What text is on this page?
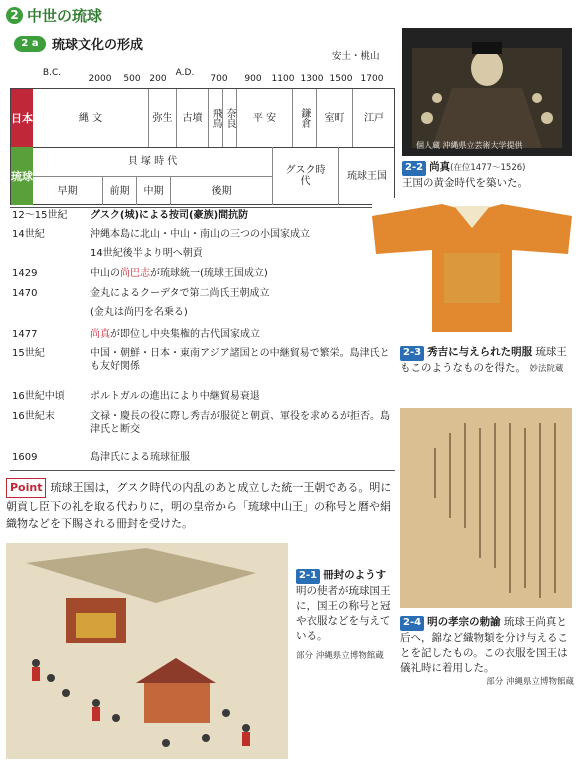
2 中世の琉球
2 a	琉球文化の形成
安土・桃山
B.C.	A.D.
2000 500 200	700 900 1100 1300 1500 1700
日本
琉球
縄 文	弥生	古墳 飛鳥 奈良	平 安	鎌倉	室町	江戸
貝 塚 時 代
グスク時 代	琉球王国
早期	前期	中期	後期
12～15世紀	グスク(城)による按司(豪族)間抗防
14世紀	沖縄本島に北山・中山・南山の三つの小国家成立
14世紀後半より明へ朝貢
1429	中山の尚巴志が琉球統一(琉球王国成立)
1470	金丸によるクーデタで第二尚氏王朝成立
(金丸は尚円を名乗る)
1477	尚真が即位し中央集権的古代国家成立
15世紀	中国・朝鮮・日本・東南アジア諸国との中継貿易で繁栄。島津氏とも友好関係
16世紀中頃	ポルトガルの進出により中継貿易衰退
16世紀末	文禄・慶長の役に際し秀吉が服従と朝貢、軍役を求めるが拒否。島津氏と断交
1609	島津氏による琉球征服
Point 琉球王国は，グスク時代の内乱のあと成立した統一王朝である。明に朝貢し臣下の礼を取る代わりに，明の皇帝から「琉球中山王」の称号と暦や絹織物などを下賜される冊封を受けた。
2-1 冊封のようす 明の使者が琉球国王に，国王の称号と冠や衣服などを与えている。
部分 沖縄県立博物館蔵
個人蔵 沖縄県立芸術大学提供
2-2 尚真(在位1477～1526)
王国の黄金時代を築いた。
2-3 秀吉に与えられた明服 琉球王もこのようなものを得た。 妙法院蔵
2-4 明の孝宗の勅諭 琉球王尚真と后へ，錦など織物類を分け与えることを記したもの。この衣服を国王は儀礼時に着用した。
部分 沖縄県立博物館蔵
